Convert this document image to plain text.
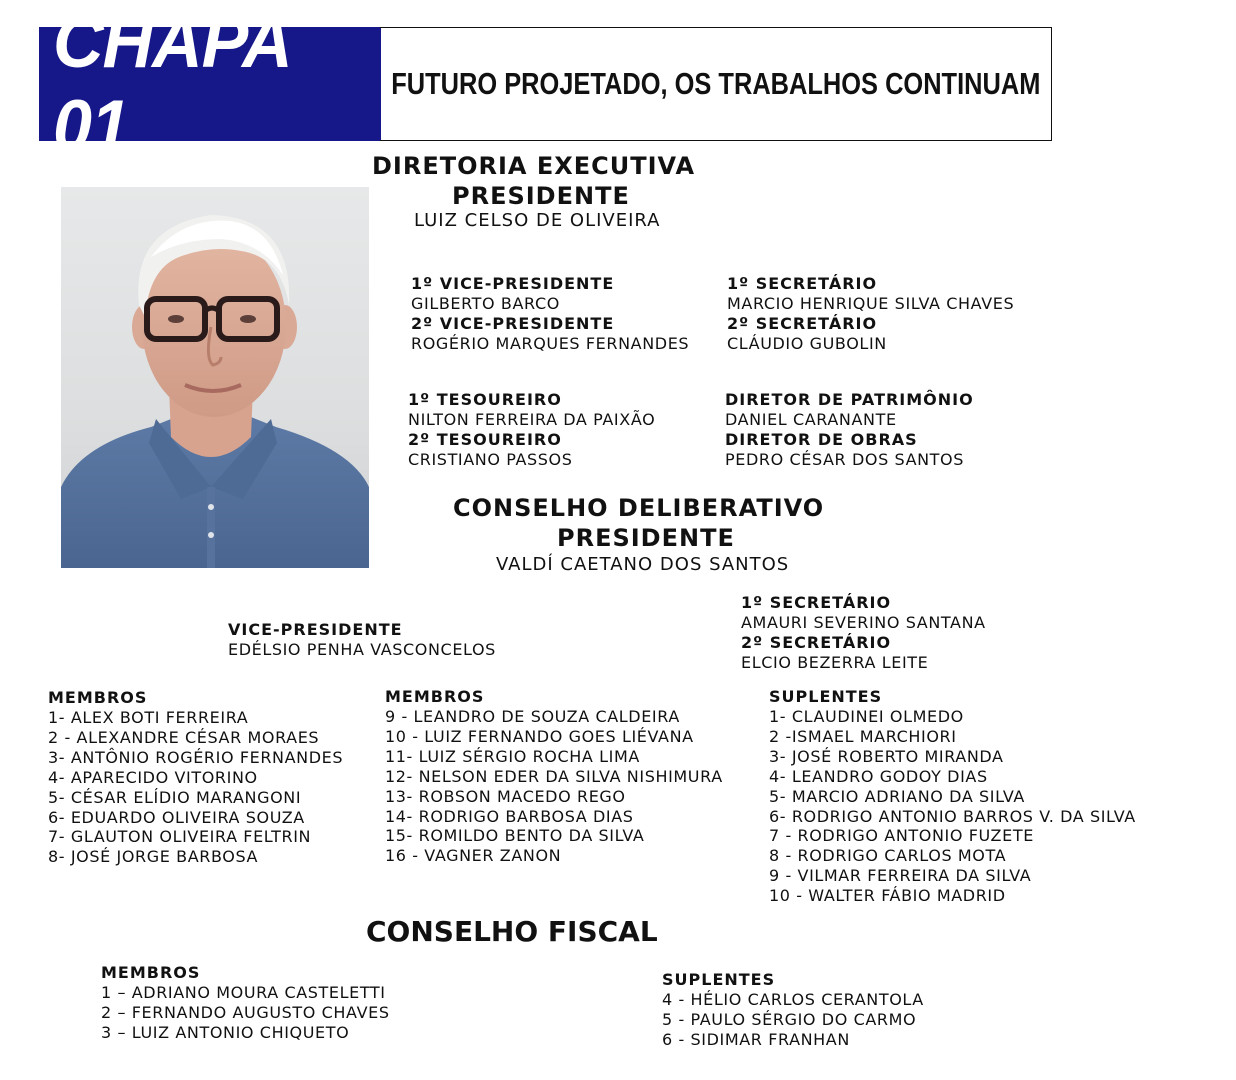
CHAPA 01
FUTURO PROJETADO, OS TRABALHOS CONTINUAM
DIRETORIA EXECUTIVA
PRESIDENTE
LUIZ CELSO DE OLIVEIRA
1º VICE-PRESIDENTE
GILBERTO BARCO
2º VICE-PRESIDENTE
ROGÉRIO MARQUES FERNANDES
1º SECRETÁRIO
MARCIO HENRIQUE SILVA CHAVES
2º SECRETÁRIO
CLÁUDIO GUBOLIN
1º TESOUREIRO
NILTON FERREIRA DA PAIXÃO
2º TESOUREIRO
CRISTIANO PASSOS
DIRETOR DE PATRIMÔNIO
DANIEL CARANANTE
DIRETOR DE OBRAS
PEDRO CÉSAR DOS SANTOS
CONSELHO DELIBERATIVO
PRESIDENTE
VALDÍ CAETANO DOS SANTOS
VICE-PRESIDENTE
EDÉLSIO PENHA VASCONCELOS
1º SECRETÁRIO
AMAURI SEVERINO SANTANA
2º SECRETÁRIO
ELCIO BEZERRA LEITE
MEMBROS
1- ALEX BOTI FERREIRA
2 - ALEXANDRE CÉSAR MORAES
3- ANTÔNIO ROGÉRIO FERNANDES
4- APARECIDO VITORINO
5- CÉSAR ELÍDIO MARANGONI
6- EDUARDO OLIVEIRA SOUZA
7- GLAUTON OLIVEIRA FELTRIN
8- JOSÉ JORGE BARBOSA
MEMBROS
9 - LEANDRO DE SOUZA CALDEIRA
10 - LUIZ FERNANDO GOES LIÉVANA
11- LUIZ SÉRGIO ROCHA LIMA
12- NELSON EDER DA SILVA NISHIMURA
13- ROBSON MACEDO REGO
14- RODRIGO BARBOSA DIAS
15- ROMILDO BENTO DA SILVA
16 - VAGNER ZANON
SUPLENTES
1- CLAUDINEI OLMEDO
2 -ISMAEL MARCHIORI
3- JOSÉ ROBERTO MIRANDA
4- LEANDRO GODOY DIAS
5- MARCIO ADRIANO DA SILVA
6- RODRIGO ANTONIO BARROS V. DA SILVA
7 - RODRIGO ANTONIO FUZETE
8 - RODRIGO CARLOS MOTA
9 - VILMAR FERREIRA DA SILVA
10 - WALTER FÁBIO MADRID
CONSELHO FISCAL
MEMBROS
1 – ADRIANO MOURA CASTELETTI
2 – FERNANDO AUGUSTO CHAVES
3 – LUIZ ANTONIO CHIQUETO
SUPLENTES
4 - HÉLIO CARLOS CERANTOLA
5 - PAULO SÉRGIO DO CARMO
6 - SIDIMAR FRANHAN
